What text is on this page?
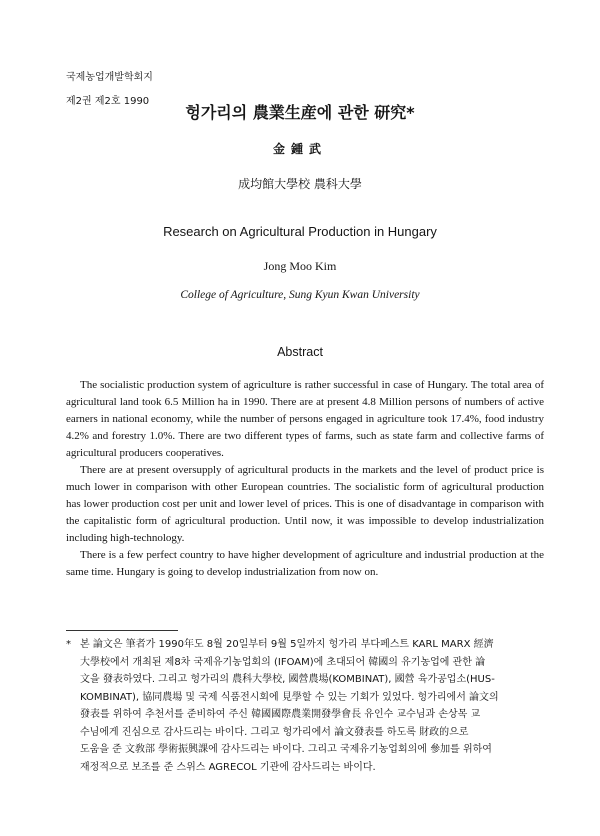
국제농업개발학회지
제2권 제2호 1990
헝가리의 農業生産에 관한 研究*
金鍾武
成均館大學校 農科大學
Research on Agricultural Production in Hungary
Jong Moo Kim
College of Agriculture, Sung Kyun Kwan University
Abstract

The socialistic production system of agriculture is rather successful in case of Hungary. The total area of agricultural land took 6.5 Million ha in 1990. There are at present 4.8 Million persons of numbers of active earners in national economy, while the number of persons engaged in agriculture took 17.4%, food industry 4.2% and forestry 1.0%. There are two different types of farms, such as state farm and collective farms of agricultural producers cooperatives.

There are at present oversupply of agricultural products in the markets and the level of product price is much lower in comparison with other European countries. The socialistic form of agricultural production has lower production cost per unit and lower level of prices. This is one of disadvantage in comparison with the capitalistic form of agricultural production. Until now, it was impossible to develop industrialization including high-technology.

There is a few perfect country to have higher development of agriculture and industrial production at the same time. Hungary is going to develop industrialization from now on.

* 본 論文은 筆者가 1990年도 8월 20일부터 9월 5일까지 헝가리 부다페스트 KARL MARX 經濟
大學校에서 개최된 제8차 국제유기농업회의 (IFOAM)에 초대되어 韓國의 유기농업에 관한 論
文을 發表하였다. 그리고 헝가리의 農科大學校, 國營農場(KOMBINAT), 國營 육가공업소(HUS-
KOMBINAT), 協同農場 및 국제 식품전시회에 見學할 수 있는 기회가 있었다. 헝가리에서 論文의
發表를 위하여 추천서를 준비하여 주신 韓國國際農業開發學會長 유인수 교수님과 손상목 교
수님에게 진심으로 감사드리는 바이다. 그리고 헝가리에서 論文發表를 하도록 財政的으로
도움을 준 文敎部 學術振興課에 감사드리는 바이다. 그리고 국제유기농업회의에 參加를 위하여
재정적으로 보조를 준 스위스 AGRECOL 기관에 감사드리는 바이다.
